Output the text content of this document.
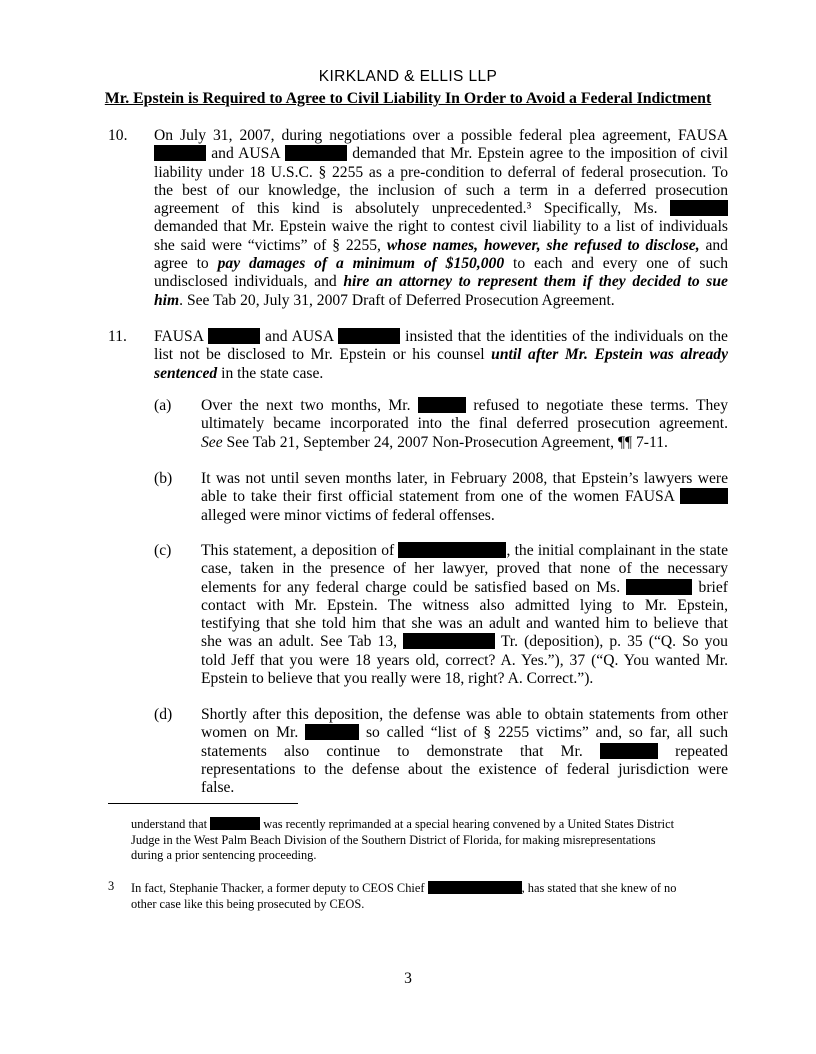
KIRKLAND & ELLIS LLP
Mr. Epstein is Required to Agree to Civil Liability In Order to Avoid a Federal Indictment
10. On July 31, 2007, during negotiations over a possible federal plea agreement, FAUSA
and AUSA	demanded that Mr. Epstein agree to the imposition of civil
liability under 18 U.S.C. § 2255 as a pre-condition to deferral of federal prosecution. To
the best of our knowledge, the inclusion of such a term in a deferred prosecution
agreement of this kind is absolutely unprecedented.³ Specifically, Ms.
demanded that Mr. Epstein waive the right to contest civil liability to a list of individuals
she said were “victims” of § 2255, whose names, however, she refused to disclose, and
agree to pay damages of a minimum of $150,000 to each and every one of such
undisclosed individuals, and hire an attorney to represent them if they decided to sue
him. See Tab 20, July 31, 2007 Draft of Deferred Prosecution Agreement.
11. FAUSA	and AUSA	insisted that the identities of the individuals on the
list not be disclosed to Mr. Epstein or his counsel until after Mr. Epstein was already
sentenced in the state case.
(a) Over the next two months, Mr.	refused to negotiate these terms. They
ultimately became incorporated into the final deferred prosecution agreement.
See See Tab 21, September 24, 2007 Non-Prosecution Agreement, ¶¶ 7-11.
(b) It was not until seven months later, in February 2008, that Epstein’s lawyers were
able to take their first official statement from one of the women FAUSA
alleged were minor victims of federal offenses.
(c) This statement, a deposition of	, the initial complainant in the state
case, taken in the presence of her lawyer, proved that none of the necessary
elements for any federal charge could be satisfied based on Ms.	brief
contact with Mr. Epstein. The witness also admitted lying to Mr. Epstein,
testifying that she told him that she was an adult and wanted him to believe that
she was an adult. See Tab 13,	Tr. (deposition), p. 35 (“Q. So you
told Jeff that you were 18 years old, correct? A. Yes.”), 37 (“Q. You wanted Mr.
Epstein to believe that you really were 18, right? A. Correct.”).
(d) Shortly after this deposition, the defense was able to obtain statements from other
women on Mr.	so called “list of § 2255 victims” and, so far, all such
statements also continue to demonstrate that Mr.	repeated
representations to the defense about the existence of federal jurisdiction were
false.
understand that	was recently reprimanded at a special hearing convened by a United States District
Judge in the West Palm Beach Division of the Southern District of Florida, for making misrepresentations
during a prior sentencing proceeding.
3 In fact, Stephanie Thacker, a former deputy to CEOS Chief	, has stated that she knew of no
other case like this being prosecuted by CEOS.
3
